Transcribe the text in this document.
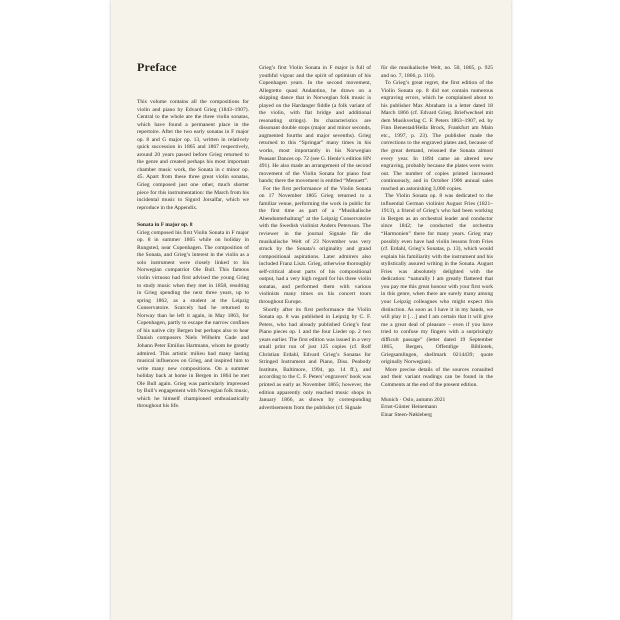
Preface

This volume contains all the compositions for violin and piano by Edvard Grieg (1843–1907). Central to the whole are the three violin sonatas, which have found a permanent place in the repertoire. After the two early sonatas in F major op. 8 and G major op. 13, written in relatively quick succession in 1865 and 1867 respectively, around 20 years passed before Grieg returned to the genre and created perhaps his most important chamber music work, the Sonata in c minor op. 45. Apart from these three great violin sonatas, Grieg composed just one other, much shorter piece for this instrumentation: the March from his incidental music to Sigurd Jorsalfar, which we reproduce in the Appendix.

Sonata in F major op. 8

Grieg composed his first Violin Sonata in F major op. 8 in summer 1865 while on holiday in Rungsted, near Copenhagen. The composition of the Sonata, and Grieg’s interest in the violin as a solo instrument were closely linked to his Norwegian compatriot Ole Bull. This famous violin virtuoso had first advised the young Grieg to study music when they met in 1858, resulting in Grieg spending the next three years, up to spring 1862, as a student at the Leipzig Conservatoire. Scarcely had he returned to Norway than he left it again, in May 1863, for Copenhagen, partly to escape the narrow confines of his native city Bergen but perhaps also to hear Danish composers Niels Wilhelm Gade and Johann Peter Emilius Hartmann, whom he greatly admired. This artistic milieu had many lasting musical influences on Grieg, and inspired him to write many new compositions. On a summer holiday back at home in Bergen in 1864 he met Ole Bull again. Grieg was particularly impressed by Bull’s engagement with Norwegian folk music, which he himself championed enthusiastically throughout his life.

Grieg’s first Violin Sonata in F major is full of youthful vigour and the spirit of optimism of his Copenhagen years. In the second movement, Allegretto quasi Andantino, he draws on a skipping dance that in Norwegian folk music is played on the Hardanger fiddle (a folk variant of the violin, with flat bridge and additional resonating strings). Its characteristics are dissonant double stops (major and minor seconds, augmented fourths and major sevenths). Grieg returned to this “Springar” many times in his works, most importantly in his Norwegian Peasant Dances op. 72 (see G. Henle’s edition HN 491). He also made an arrangement of the second movement of the Violin Sonata for piano four hands; there the movement is entitled “Menuett”.

For the first performance of the Violin Sonata on 17 November 1865 Grieg returned to a familiar venue, performing the work in public for the first time as part of a “Musikalische Abendunterhaltung” at the Leipzig Conservatoire with the Swedish violinist Anders Petersson. The reviewer in the journal Signale für die musikalische Welt of 23 November was very struck by the Sonata’s originality and grand compositional aspirations. Later admirers also included Franz Liszt. Grieg, otherwise thoroughly self-critical about parts of his compositional output, had a very high regard for his three violin sonatas, and performed them with various violinists many times on his concert tours throughout Europe.

Shortly after its first performance the Violin Sonata op. 8 was published in Leipzig by C. F. Peters, who had already published Grieg’s four Piano pieces op. 1 and the four Lieder op. 2 two years earlier. The first edition was issued in a very small print run of just 125 copies (cf. Rolf Christian Erdahl, Edvard Grieg’s Sonatas for Stringed Instrument and Piano, Diss. Peabody Institute, Baltimore, 1994, pp. 14 ff.), and according to the C. F. Peters’ engravers’ book was printed as early as November 1865; however, the edition apparently only reached music shops in January 1866, as shown by corresponding advertisements from the publisher (cf. Signale

für die musikalische Welt, no. 50, 1865, p. 925 and no. 7, 1866, p. 116).

To Grieg’s great regret, the first edition of the Violin Sonata op. 8 did not contain numerous engraving errors, which he complained about to his publisher Max Abraham in a letter dated 18 March 1866 (cf. Edvard Grieg. Briefwechsel mit dem Musikverlag C. F. Peters 1863–1907, ed. by Finn Benestad/Hella Brock, Frankfurt am Main etc., 1997, p. 23). The publisher made the corrections to the engraved plates and, because of the great demand, reissued the Sonata almost every year. In 1894 came an altered new engraving, probably because the plates were worn out. The number of copies printed increased continuously, and in October 1906 annual sales reached an astonishing 3,000 copies.

The Violin Sonata op. 8 was dedicated to the influential German violinist August Fries (1821–1913), a friend of Grieg’s who had been working in Bergen as an orchestral leader and conductor since 1842; he conducted the orchestra “Harmonien” there for many years. Grieg may possibly even have had violin lessons from Fries (cf. Erdahl, Grieg’s Sonatas, p. 13), which would explain his familiarity with the instrument and his stylistically assured writing in the Sonata. August Fries was absolutely delighted with the dedication: “naturally I am greatly flattered that you pay me this great honour with your first work in this genre, when there are surely many among your Leipzig colleagues who might expect this distinction. As soon as I have it in my hands, we will play it […] and I am certain that it will give me a great deal of pleasure – even if you have tried to confuse my fingers with a surprisingly difficult passage” (letter dated 19 September 1865, Bergen, Offentlige Bibliotek, Griegsamlingen, shellmark 0214439; quote originally Norwegian).

More precise details of the sources consulted and their variant readings can be found in the Comments at the end of the present edition.

Munich · Oslo, autumn 2021

Ernst-Günter Heinemann

Einar Steen-Nøkleberg
